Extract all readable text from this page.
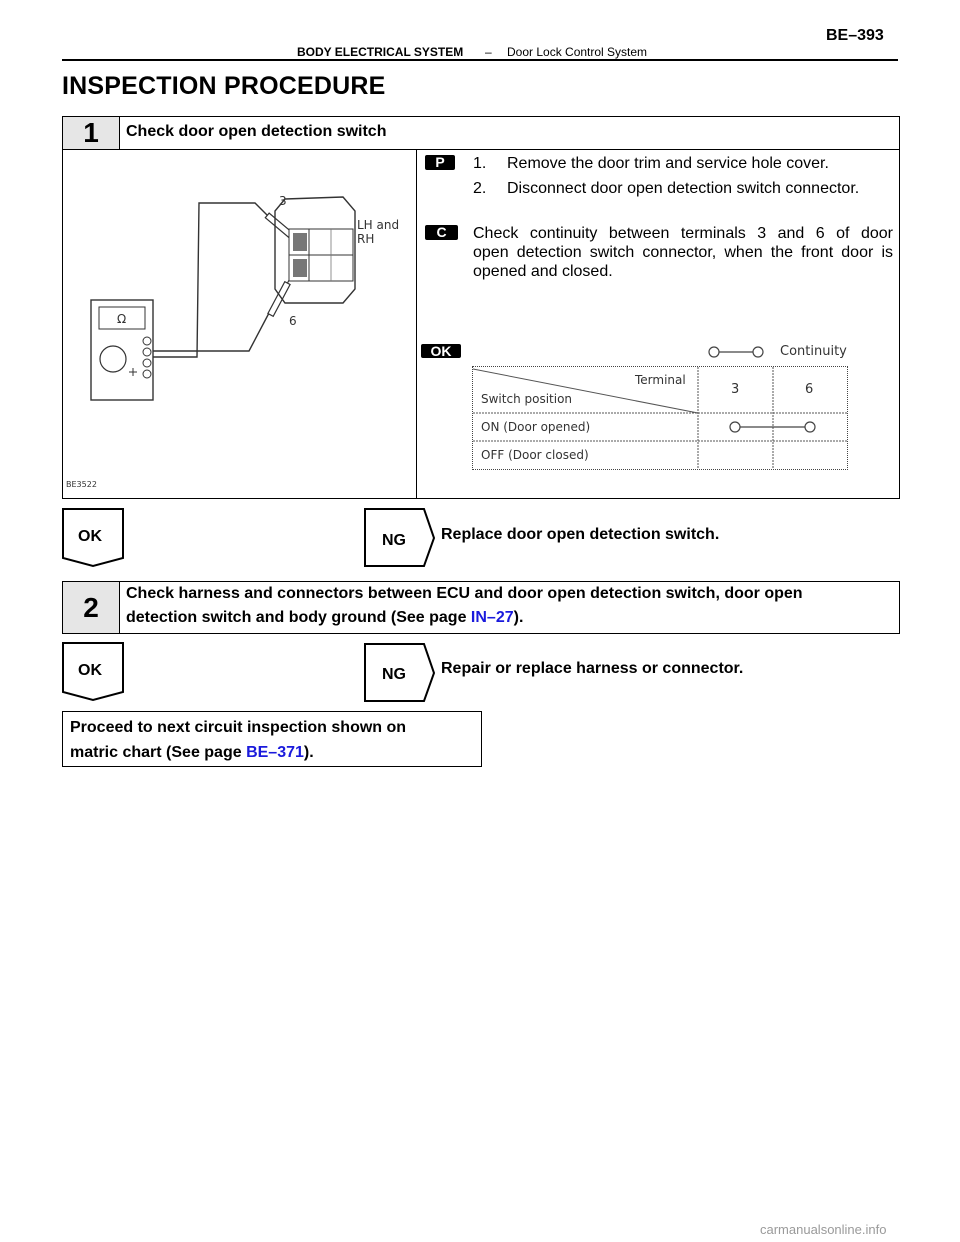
BODY ELECTRICAL SYSTEM – Door Lock Control System
BE–393
INSPECTION PROCEDURE
1	Check door open detection switch
Ω
3
6
LH and
RH
BE3522
P	1. Remove the door trim and service hole cover.
2. Disconnect door open detection switch connector.
C	Check continuity between terminals 3 and 6 of door
open detection switch connector, when the front door is
opened and closed.
OK	Continuity
Terminal
Switch position
3	6
ON (Door opened)
OFF (Door closed)
OK	NG Replace door open detection switch.
2	Check harness and connectors between ECU and door open detection switch, door open
detection switch and body ground (See page IN–27).
OK	NG Repair or replace harness or connector.
Proceed to next circuit inspection shown on
matric chart (See page BE–371).
carmanualsonline.info
